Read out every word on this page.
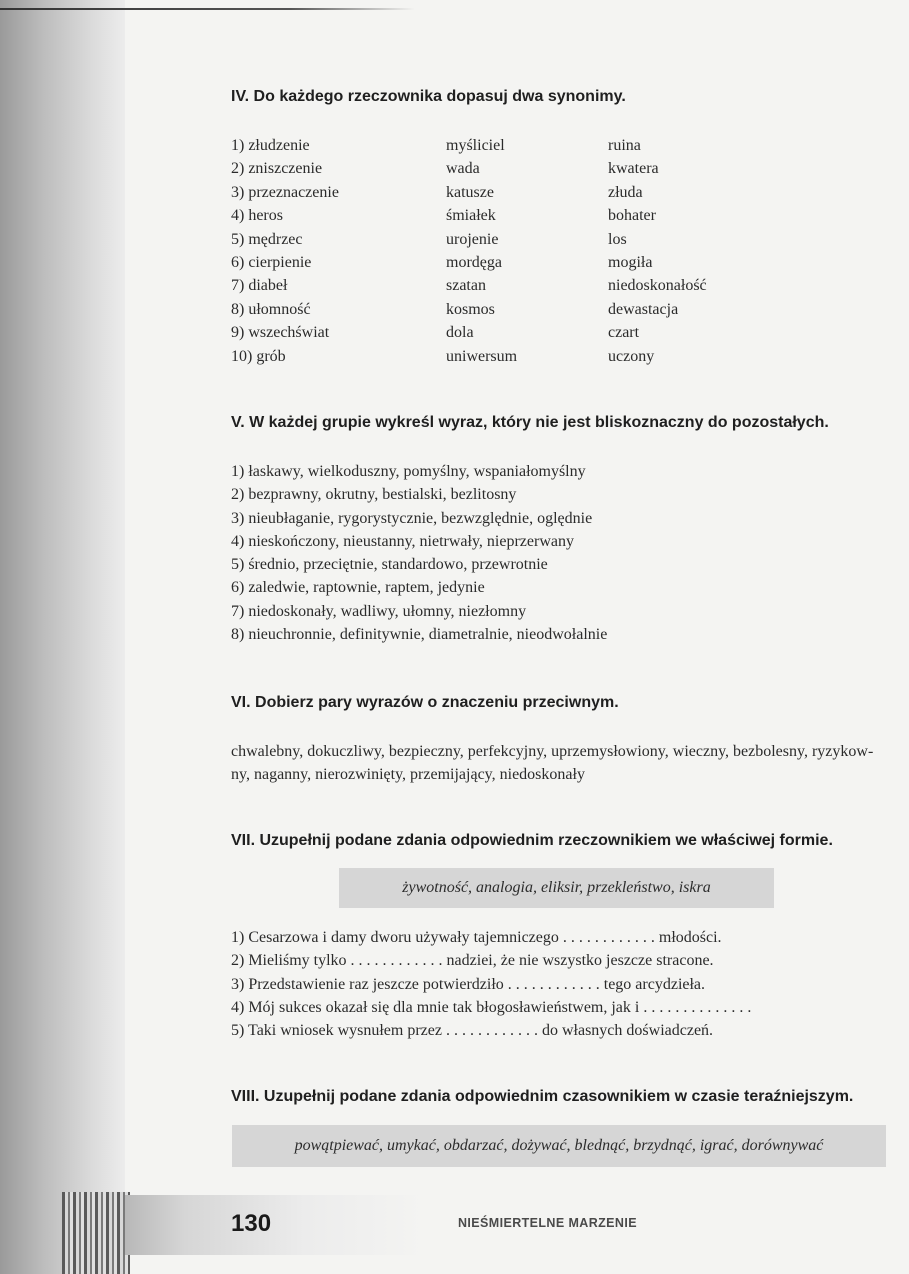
IV. Do każdego rzeczownika dopasuj dwa synonimy.
1) złudzenie
2) zniszczenie
3) przeznaczenie
4) heros
5) mędrzec
6) cierpienie
7) diabeł
8) ułomność
9) wszechświat
10) grób
myśliciel
wada
katusze
śmiałek
urojenie
mordęga
szatan
kosmos
dola
uniwersum
ruina
kwatera
złuda
bohater
los
mogiła
niedoskonałość
dewastacja
czart
uczony
V. W każdej grupie wykreśl wyraz, który nie jest bliskoznaczny do pozostałych.
1) łaskawy, wielkoduszny, pomyślny, wspaniałomyślny
2) bezprawny, okrutny, bestialski, bezlitosny
3) nieubłaganie, rygorystycznie, bezwzględnie, oględnie
4) nieskończony, nieustanny, nietrwały, nieprzerwany
5) średnio, przeciętnie, standardowo, przewrotnie
6) zaledwie, raptownie, raptem, jedynie
7) niedoskonały, wadliwy, ułomny, niezłomny
8) nieuchronnie, definitywnie, diametralnie, nieodwołalnie
VI. Dobierz pary wyrazów o znaczeniu przeciwnym.
chwalebny, dokuczliwy, bezpieczny, perfekcyjny, uprzemysłowiony, wieczny, bezbolesny, ryzykow-
ny, naganny, nierozwinięty, przemijający, niedoskonały
VII. Uzupełnij podane zdania odpowiednim rzeczownikiem we właściwej formie.
żywotność, analogia, eliksir, przekleństwo, iskra
1) Cesarzowa i damy dworu używały tajemniczego . . . . . . . . . . . . młodości.
2) Mieliśmy tylko . . . . . . . . . . . . nadziei, że nie wszystko jeszcze stracone.
3) Przedstawienie raz jeszcze potwierdziło . . . . . . . . . . . . tego arcydzieła.
4) Mój sukces okazał się dla mnie tak błogosławieństwem, jak i . . . . . . . . . . . . . .
5) Taki wniosek wysnułem przez . . . . . . . . . . . . do własnych doświadczeń.
VIII. Uzupełnij podane zdania odpowiednim czasownikiem w czasie teraźniejszym.
powątpiewać, umykać, obdarzać, dożywać, blednąć, brzydnąć, igrać, dorównywać
130	NIEŚMIERTELNE MARZENIE
